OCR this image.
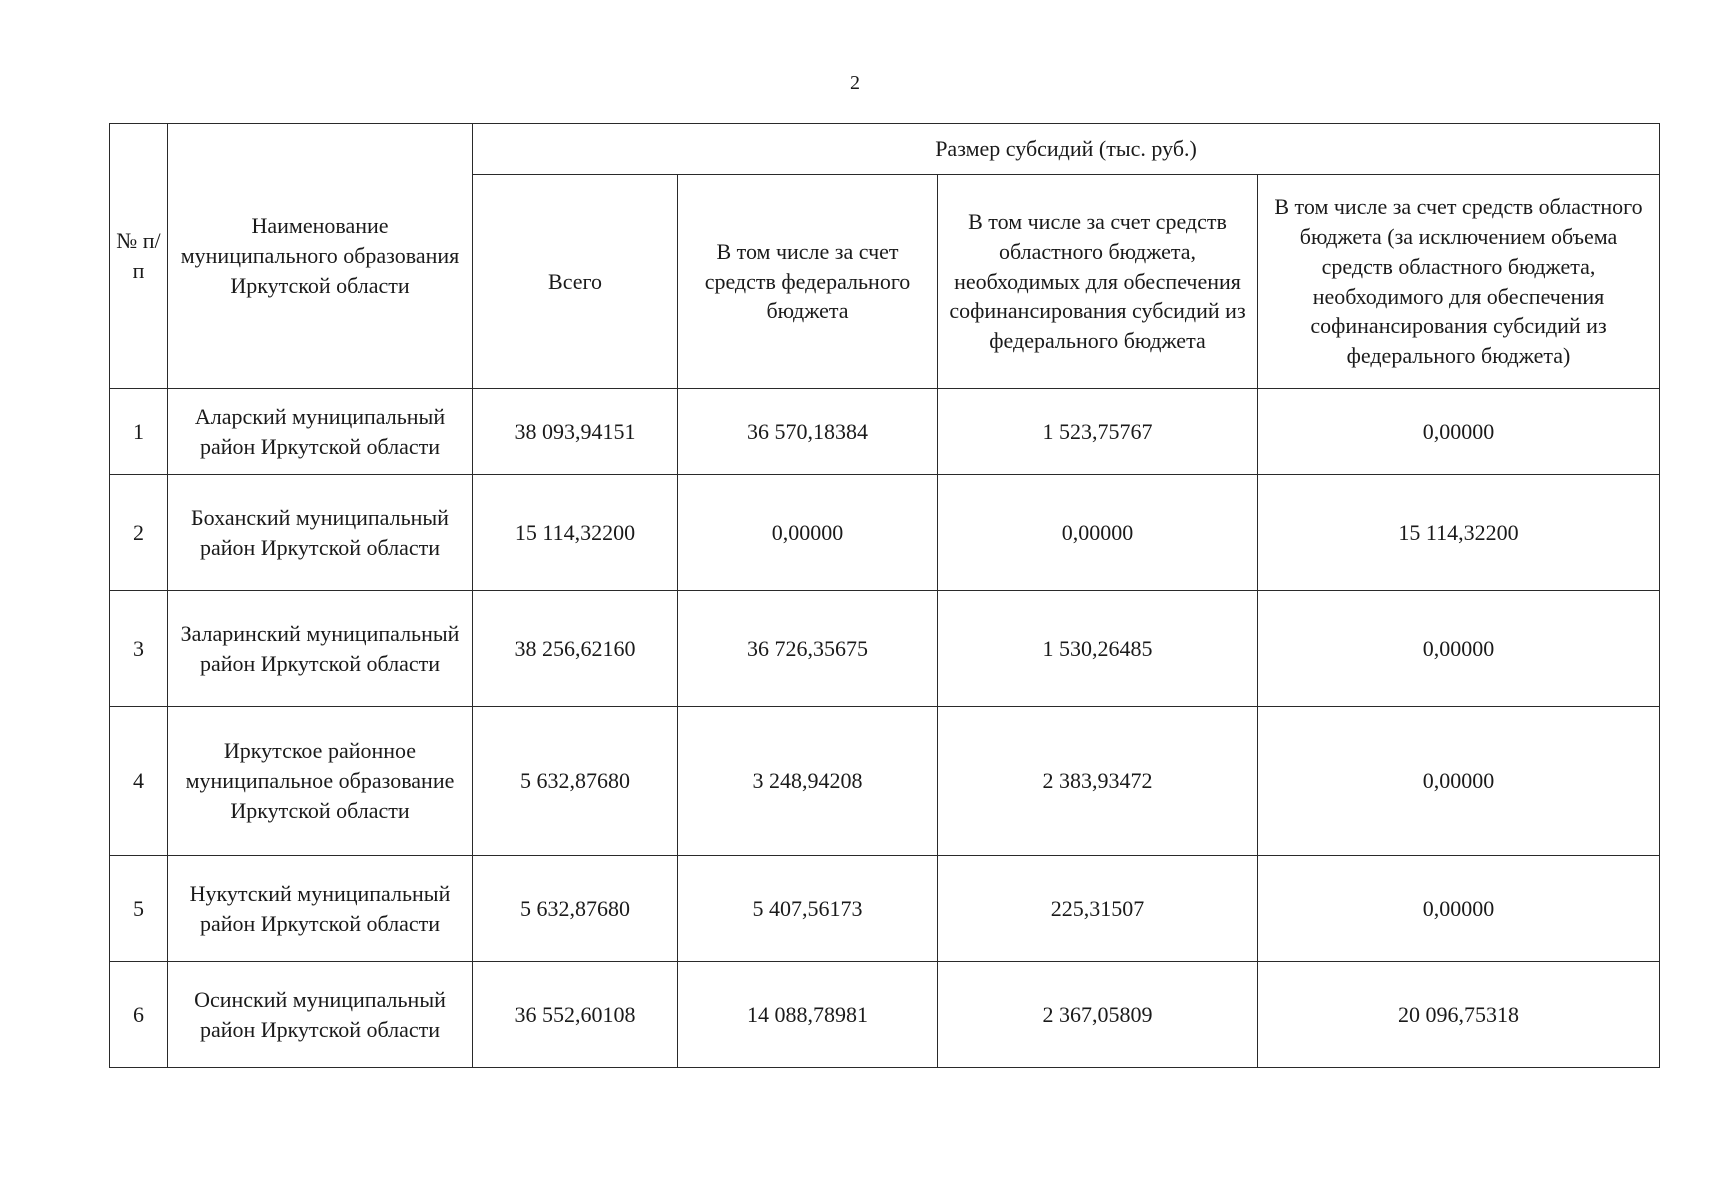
2
№ п/п	Наименование муниципального образования Иркутской области	Размер субсидий (тыс. руб.)			
		Всего	В том числе за счет средств федерального бюджета	В том числе за счет средств областного бюджета, необходимых для обеспечения софинансирования субсидий из федерального бюджета	В том числе за счет средств областного бюджета (за исключением объема средств областного бюджета, необходимого для обеспечения софинансирования субсидий из федерального бюджета)
1	Аларский муниципальный район Иркутской области	38 093,94151	36 570,18384	1 523,75767	0,00000
2	Боханский муниципальный район Иркутской области	15 114,32200	0,00000	0,00000	15 114,32200
3	Заларинский муниципальный район Иркутской области	38 256,62160	36 726,35675	1 530,26485	0,00000
4	Иркутское районное муниципальное образование Иркутской области	5 632,87680	3 248,94208	2 383,93472	0,00000
5	Нукутский муниципальный район Иркутской области	5 632,87680	5 407,56173	225,31507	0,00000
6	Осинский муниципальный район Иркутской области	36 552,60108	14 088,78981	2 367,05809	20 096,75318
